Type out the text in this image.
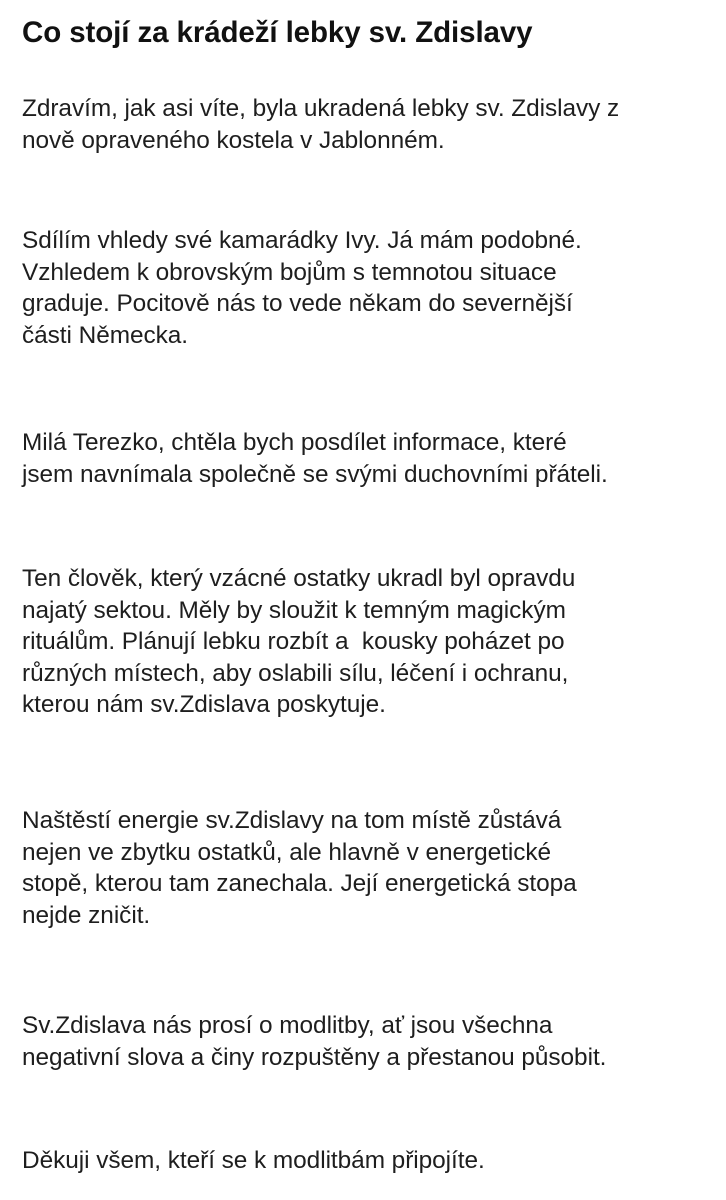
Co stojí za krádeží lebky sv. Zdislavy

Zdravím, jak asi víte, byla ukradená lebky sv. Zdislavy z
nově opraveného kostela v Jablonném.

Sdílím vhledy své kamarádky Ivy. Já mám podobné.
Vzhledem k obrovským bojům s temnotou situace
graduje. Pocitově nás to vede někam do severnější
části Německa.

Milá Terezko, chtěla bych posdílet informace, které
jsem navnímala společně se svými duchovními přáteli.

Ten člověk, který vzácné ostatky ukradl byl opravdu
najatý sektou. Měly by sloužit k temným magickým
rituálům. Plánují lebku rozbít a  kousky poházet po
různých místech, aby oslabili sílu, léčení i ochranu,
kterou nám sv.Zdislava poskytuje.

Naštěstí energie sv.Zdislavy na tom místě zůstává
nejen ve zbytku ostatků, ale hlavně v energetické
stopě, kterou tam zanechala. Její energetická stopa
nejde zničit.

Sv.Zdislava nás prosí o modlitby, ať jsou všechna
negativní slova a činy rozpuštěny a přestanou působit.

Děkuji všem, kteří se k modlitbám připojíte.
